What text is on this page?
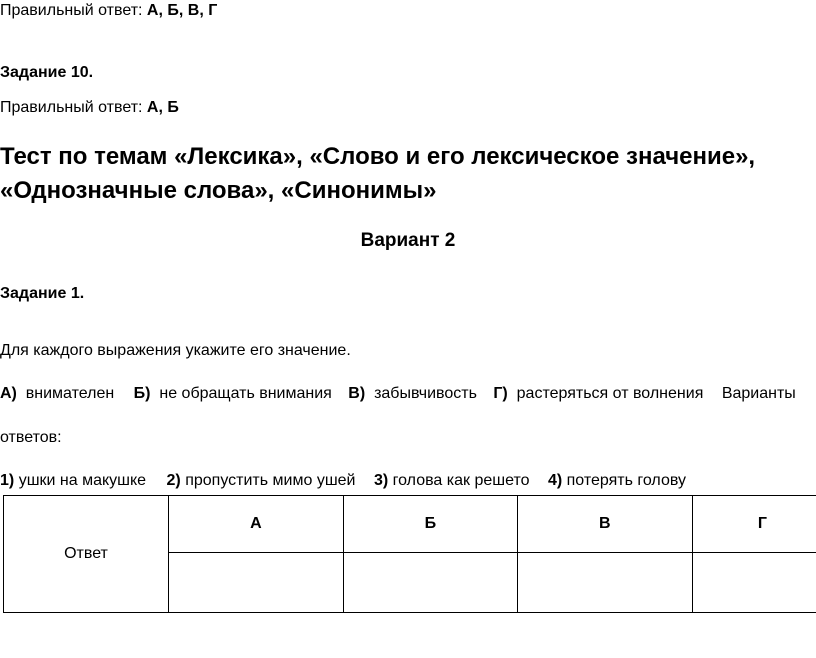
Правильный ответ: А, Б, В, Г
Задание 10.
Правильный ответ: А, Б
Тест по темам «Лексика», «Слово и его лексическое значение»,
«Однозначные слова», «Синонимы»
Вариант 2
Задание 1.
Для каждого выражения укажите его значение.
А) внимателен Б) не обращать внимания В) забывчивость Г) растеряться от волнения Варианты
ответов:
1) ушки на макушке 2) пропустить мимо ушей 3) голова как решето 4) потерять голову
Ответ	А	Б	В	Г
